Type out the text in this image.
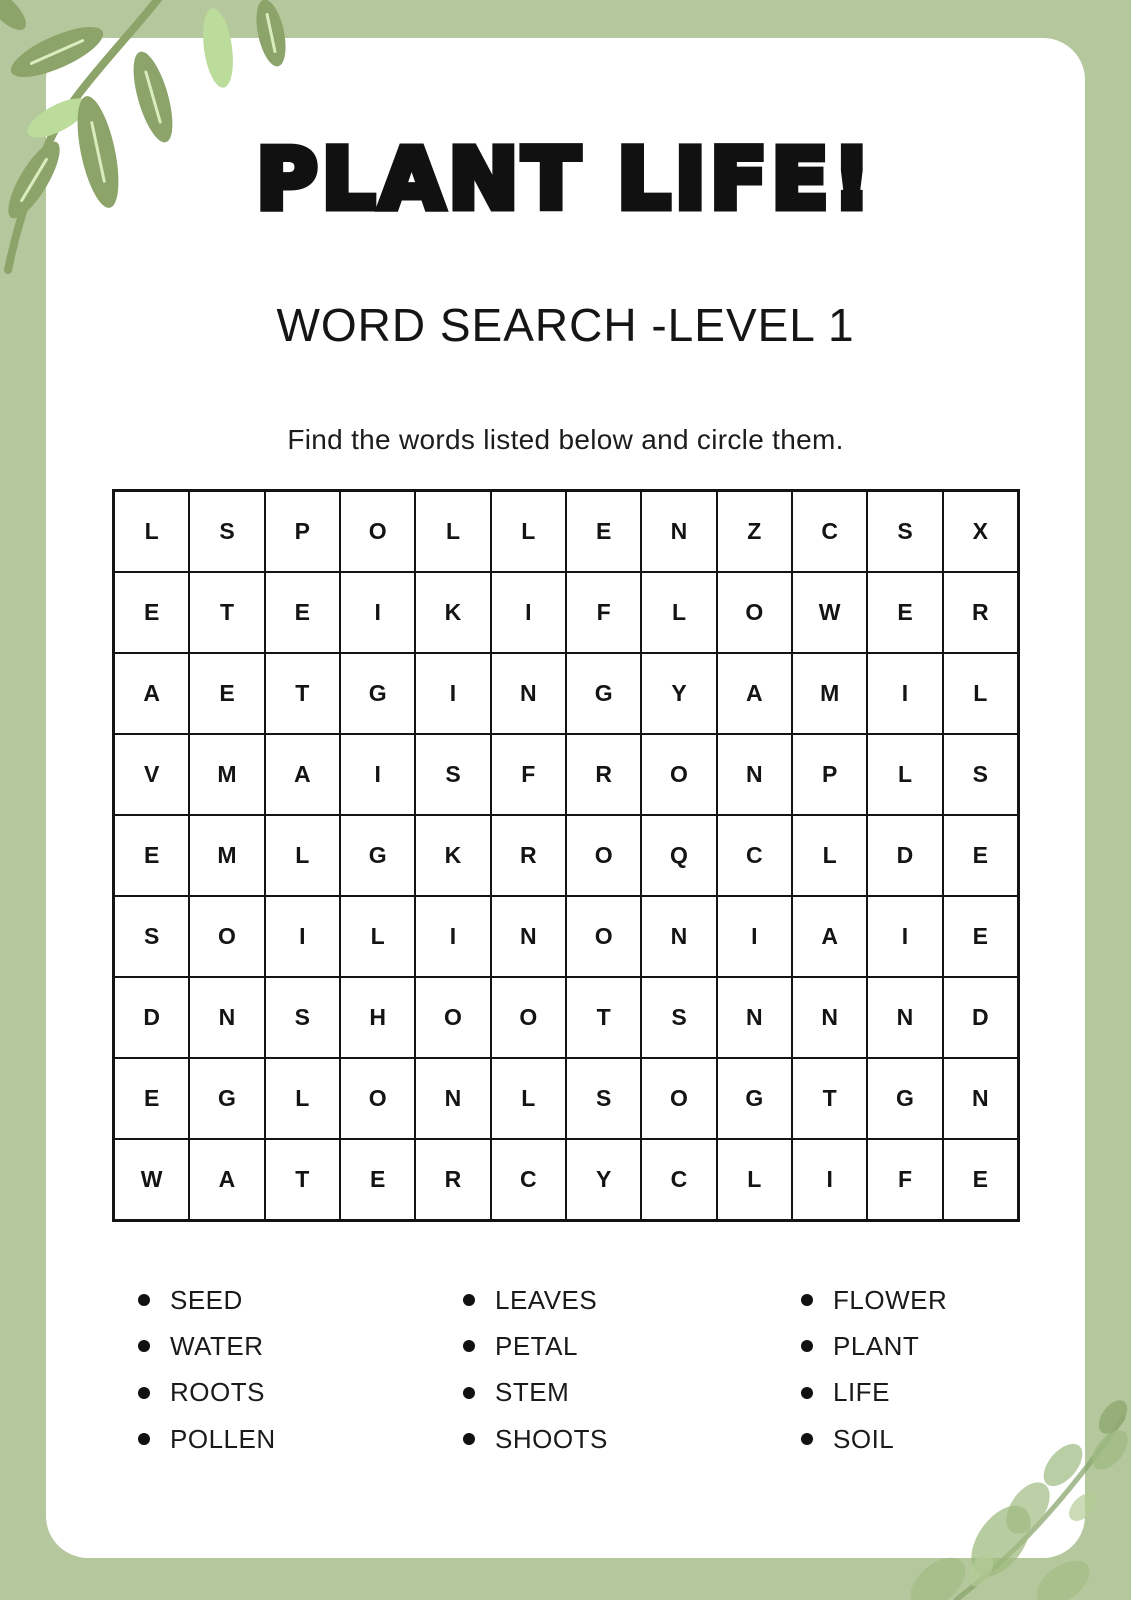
PLANT LIFE!
WORD SEARCH -LEVEL 1

Find the words listed below and circle them.

L	S	P	O	L	L	E	N	Z	C	S	X
E	T	E	I	K	I	F	L	O	W	E	R
A	E	T	G	I	N	G	Y	A	M	I	L
V	M	A	I	S	F	R	O	N	P	L	S
E	M	L	G	K	R	O	Q	C	L	D	E
S	O	I	L	I	N	O	N	I	A	I	E
D	N	S	H	O	O	T	S	N	N	N	D
E	G	L	O	N	L	S	O	G	T	G	N
W	A	T	E	R	C	Y	C	L	I	F	E
SEED
WATER
ROOTS
POLLEN
LEAVES
PETAL
STEM
SHOOTS
FLOWER
PLANT
LIFE
SOIL
